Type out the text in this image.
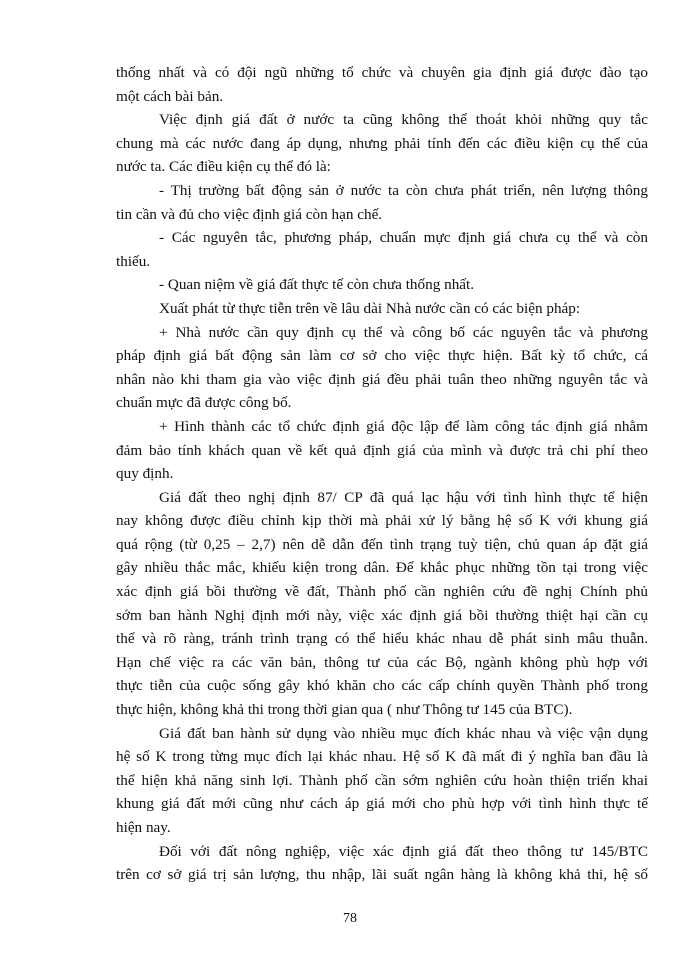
thống nhất và có đội ngũ những tổ chức và chuyên gia định giá được đào tạo
một cách bài bản.
Việc định giá đất ở nước ta cũng không thể thoát khỏi những quy tắc
chung mà các nước đang áp dụng, nhưng phải tính đến các điều kiện cụ thể của
nước ta. Các điều kiện cụ thể đó là:
- Thị trường bất động sản ở nước ta còn chưa phát triển, nên lượng thông
tin cần và đủ cho việc định giá còn hạn chế.
- Các nguyên tắc, phương pháp, chuẩn mực định giá chưa cụ thể và còn
thiếu.
- Quan niệm về giá đất thực tế còn chưa thống nhất.
Xuất phát từ thực tiễn trên về lâu dài Nhà nước cần có các biện pháp:
+ Nhà nước cần quy định cụ thể và công bố các nguyên tắc và phương
pháp định giá bất động sản làm cơ sở cho việc thực hiện. Bất kỳ tổ chức, cá
nhân nào khi tham gia vào việc định giá đều phải tuân theo những nguyên tắc và
chuẩn mực đã được công bố.
+ Hình thành các tổ chức định giá độc lập để làm công tác định giá nhằm
đảm bảo tính khách quan về kết quả định giá của mình và được trả chi phí theo
quy định.
Giá đất theo nghị định 87/ CP đã quá lạc hậu với tình hình thực tế hiện
nay không được điều chỉnh kịp thời mà phải xử lý bằng hệ số K với khung giá
quá rộng (từ 0,25 – 2,7) nên dễ dẫn đến tình trạng tuỳ tiện, chủ quan áp đặt giá
gây nhiều thắc mắc, khiếu kiện trong dân. Để khắc phục những tồn tại trong việc
xác định giá bồi thường về đất, Thành phố cần nghiên cứu đề nghị Chính phủ
sớm ban hành Nghị định mới này, việc xác định giá bồi thường thiệt hại cần cụ
thể và rõ ràng, tránh trình trạng có thể hiểu khác nhau dễ phát sinh mâu thuẫn.
Hạn chế việc ra các văn bản, thông tư của các Bộ, ngành không phù hợp với
thực tiễn của cuộc sống gây khó khăn cho các cấp chính quyền Thành phố trong
thực hiện, không khả thi trong thời gian qua ( như Thông tư 145 của BTC).
Giá đất ban hành sử dụng vào nhiều mục đích khác nhau và việc vận dụng
hệ số K trong từng mục đích lại khác nhau. Hệ số K đã mất đi ý nghĩa ban đầu là
thể hiện khả năng sinh lợi. Thành phố cần sớm nghiên cứu hoàn thiện triển khai
khung giá đất mới cũng như cách áp giá mới cho phù hợp với tình hình thực tế
hiện nay.
Đối với đất nông nghiệp, việc xác định giá đất theo thông tư 145/BTC
trên cơ sở giá trị sản lượng, thu nhập, lãi suất ngân hàng là không khả thi, hệ số
78
